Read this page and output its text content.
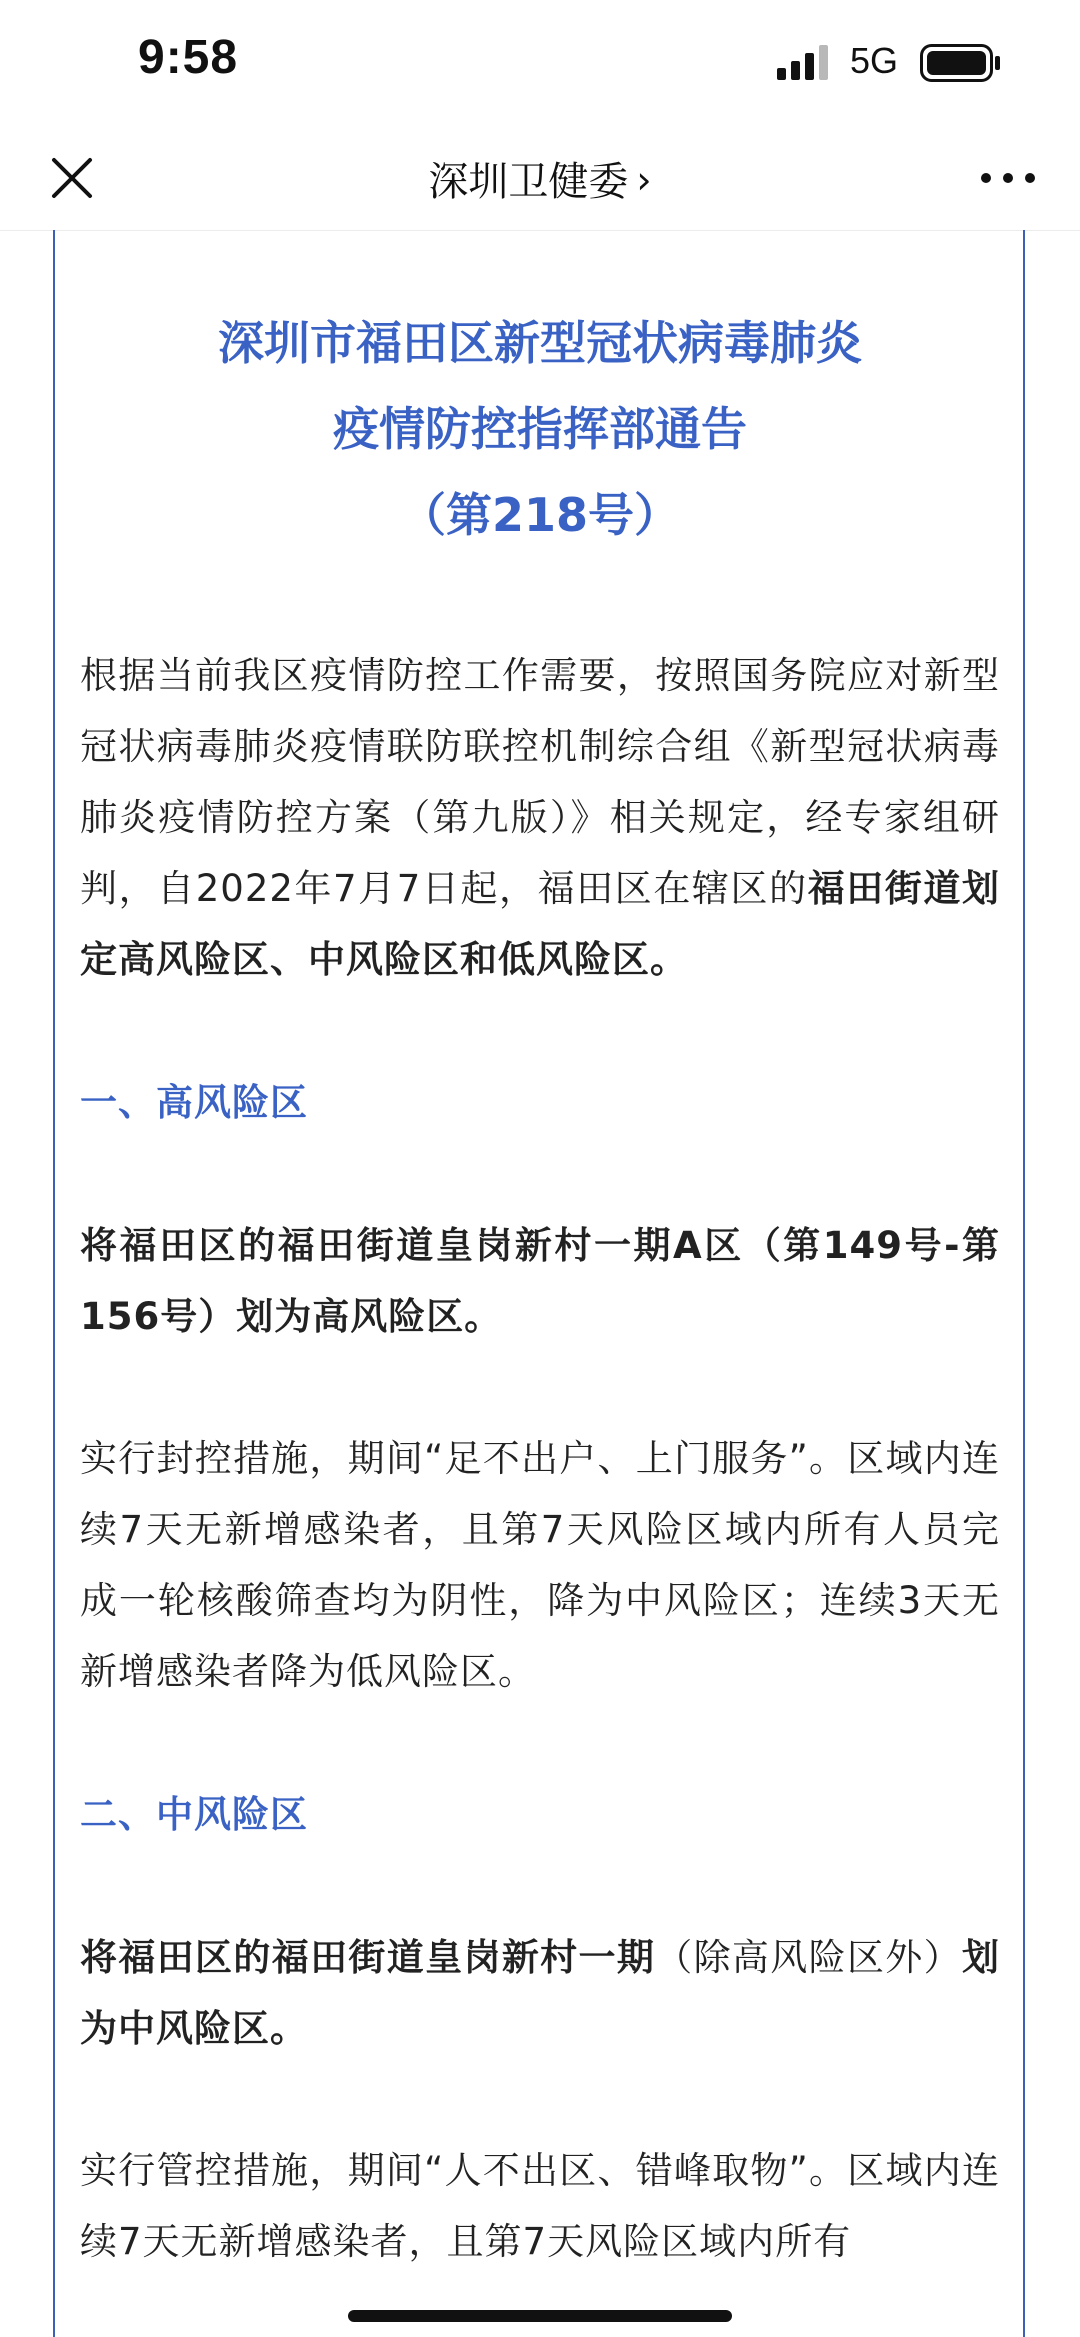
9:58	5G
深圳卫健委 ›
深圳市福田区新型冠状病毒肺炎
疫情防控指挥部通告
（第218号）

根据当前我区疫情防控工作需要，按照国务院应对新型冠状病毒肺炎疫情联防联控机制综合组《新型冠状病毒肺炎疫情防控方案（第九版）》相关规定，经专家组研判，自2022年7月7日起，福田区在辖区的福田街道划定高风险区、中风险区和低风险区。

一、高风险区

将福田区的福田街道皇岗新村一期A区（第149号-第156号）划为高风险区。

实行封控措施，期间“足不出户、上门服务”。区域内连续7天无新增感染者，且第7天风险区域内所有人员完成一轮核酸筛查均为阴性，降为中风险区；连续3天无新增感染者降为低风险区。

二、中风险区

将福田区的福田街道皇岗新村一期（除高风险区外）划为中风险区。

实行管控措施，期间“人不出区、错峰取物”。区域内连续7天无新增感染者，且第7天风险区域内所有
